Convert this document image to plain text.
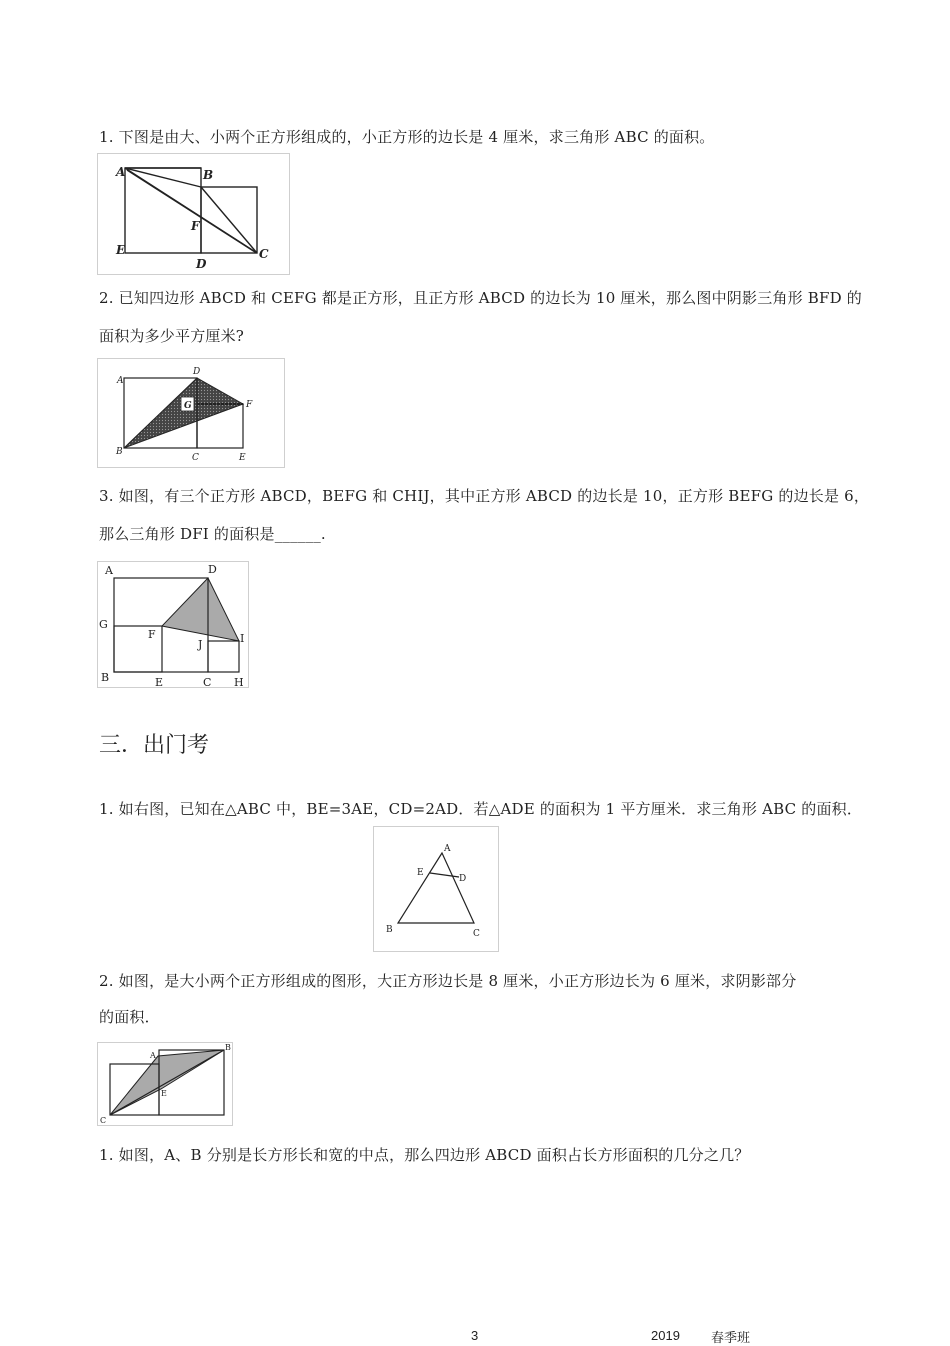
1. 下图是由大、小两个正方形组成的，小正方形的边长是 4 厘米，求三角形 ABC 的面积。
A	B
C
D
E
F
2. 已知四边形 ABCD 和 CEFG 都是正方形，且正方形 ABCD 的边长为 10 厘米，那么图中阴影三角形 BFD 的
面积为多少平方厘米?
A
B
C
D
E
F
G
3. 如图，有三个正方形 ABCD，BEFG 和 CHIJ，其中正方形 ABCD 的边长是 10，正方形 BEFG 的边长是 6，
那么三角形 DFI 的面积是______.
A
B	C
D
E
F
G
H
I
J
三．出门考
1. 如右图，已知在△ABC 中，BE=3AE，CD=2AD．若△ADE 的面积为 1 平方厘米．求三角形 ABC 的面积．
A
B	C
D
E
2. 如图，是大小两个正方形组成的图形，大正方形边长是 8 厘米，小正方形边长为 6 厘米，求阴影部分
的面积．
A
B
C
E
1. 如图，A、B 分别是长方形长和宽的中点，那么四边形 ABCD 面积占长方形面积的几分之几？
3	2019 春季班
